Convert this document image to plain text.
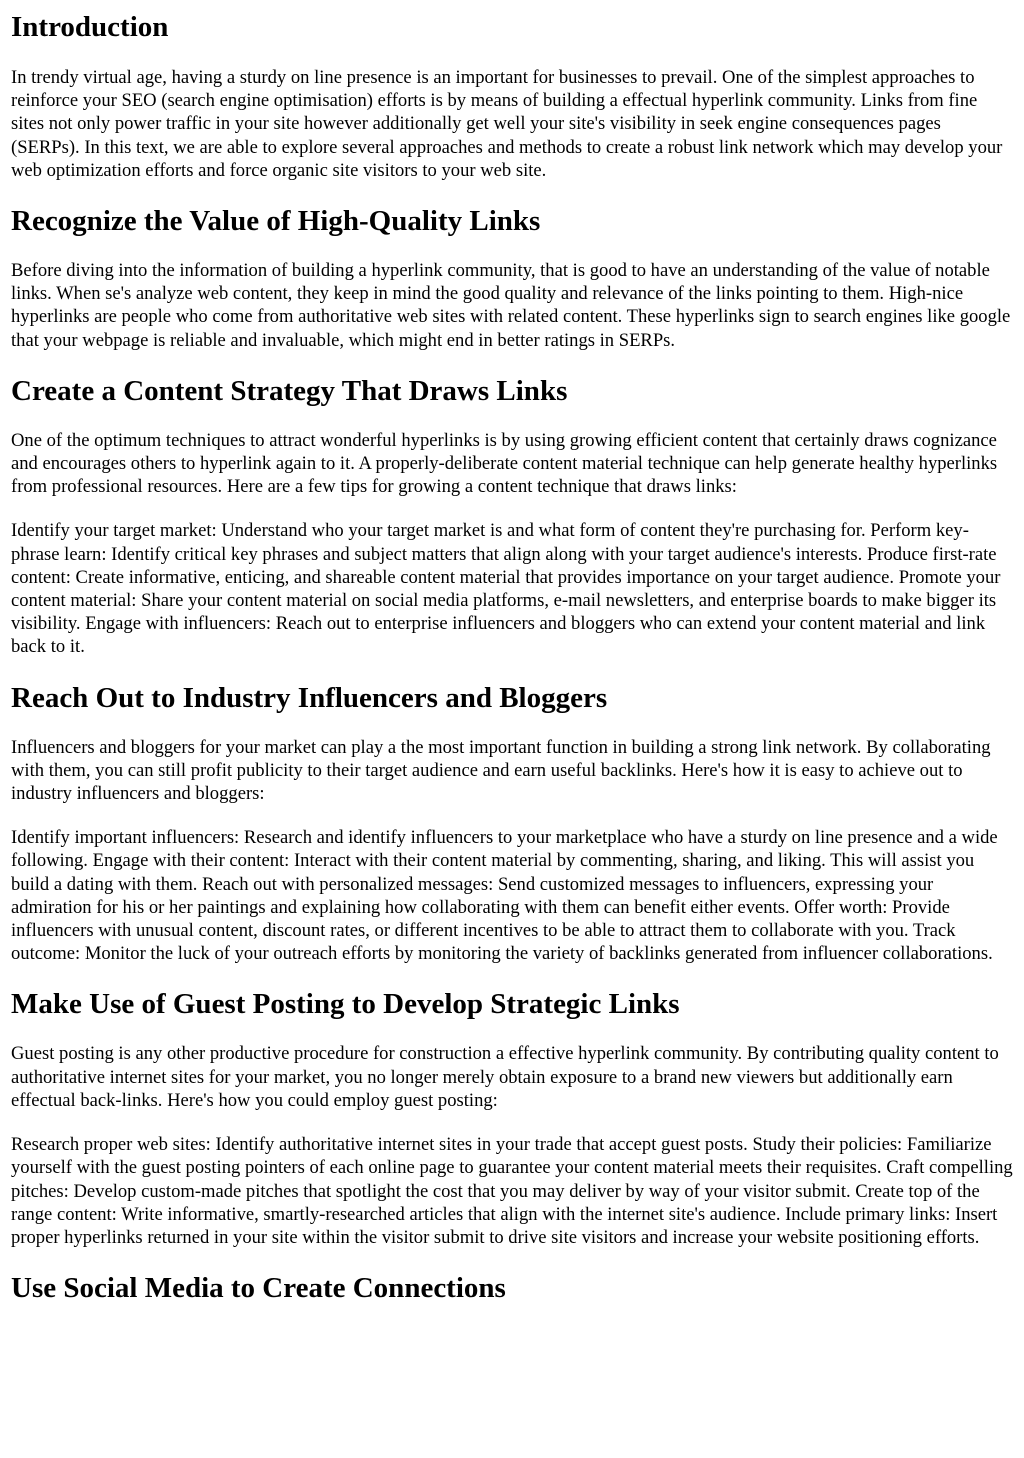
Introduction

In trendy virtual age, having a sturdy on line presence is an important for businesses to prevail. One of the simplest approaches to reinforce your SEO (search engine optimisation) efforts is by means of building a effectual hyperlink community. Links from fine sites not only power traffic in your site however additionally get well your site's visibility in seek engine consequences pages (SERPs). In this text, we are able to explore several approaches and methods to create a robust link network which may develop your web optimization efforts and force organic site visitors to your web site.

Recognize the Value of High-Quality Links

Before diving into the information of building a hyperlink community, that is good to have an understanding of the value of notable links. When se's analyze web content, they keep in mind the good quality and relevance of the links pointing to them. High-nice hyperlinks are people who come from authoritative web sites with related content. These hyperlinks sign to search engines like google that your webpage is reliable and invaluable, which might end in better ratings in SERPs.

Create a Content Strategy That Draws Links

One of the optimum techniques to attract wonderful hyperlinks is by using growing efficient content that certainly draws cognizance and encourages others to hyperlink again to it. A properly-deliberate content material technique can help generate healthy hyperlinks from professional resources. Here are a few tips for growing a content technique that draws links:

Identify your target market: Understand who your target market is and what form of content they're purchasing for. Perform key-phrase learn: Identify critical key phrases and subject matters that align along with your target audience's interests. Produce first-rate content: Create informative, enticing, and shareable content material that provides importance on your target audience. Promote your content material: Share your content material on social media platforms, e-mail newsletters, and enterprise boards to make bigger its visibility. Engage with influencers: Reach out to enterprise influencers and bloggers who can extend your content material and link back to it.

Reach Out to Industry Influencers and Bloggers

Influencers and bloggers for your market can play a the most important function in building a strong link network. By collaborating with them, you can still profit publicity to their target audience and earn useful backlinks. Here's how it is easy to achieve out to industry influencers and bloggers:

Identify important influencers: Research and identify influencers to your marketplace who have a sturdy on line presence and a wide following. Engage with their content: Interact with their content material by commenting, sharing, and liking. This will assist you build a dating with them. Reach out with personalized messages: Send customized messages to influencers, expressing your admiration for his or her paintings and explaining how collaborating with them can benefit either events. Offer worth: Provide influencers with unusual content, discount rates, or different incentives to be able to attract them to collaborate with you. Track outcome: Monitor the luck of your outreach efforts by monitoring the variety of backlinks generated from influencer collaborations.

Make Use of Guest Posting to Develop Strategic Links

Guest posting is any other productive procedure for construction a effective hyperlink community. By contributing quality content to authoritative internet sites for your market, you no longer merely obtain exposure to a brand new viewers but additionally earn effectual back-links. Here's how you could employ guest posting:

Research proper web sites: Identify authoritative internet sites in your trade that accept guest posts. Study their policies: Familiarize yourself with the guest posting pointers of each online page to guarantee your content material meets their requisites. Craft compelling pitches: Develop custom-made pitches that spotlight the cost that you may deliver by way of your visitor submit. Create top of the range content: Write informative, smartly-researched articles that align with the internet site's audience. Include primary links: Insert proper hyperlinks returned in your site within the visitor submit to drive site visitors and increase your website positioning efforts.

Use Social Media to Create Connections
